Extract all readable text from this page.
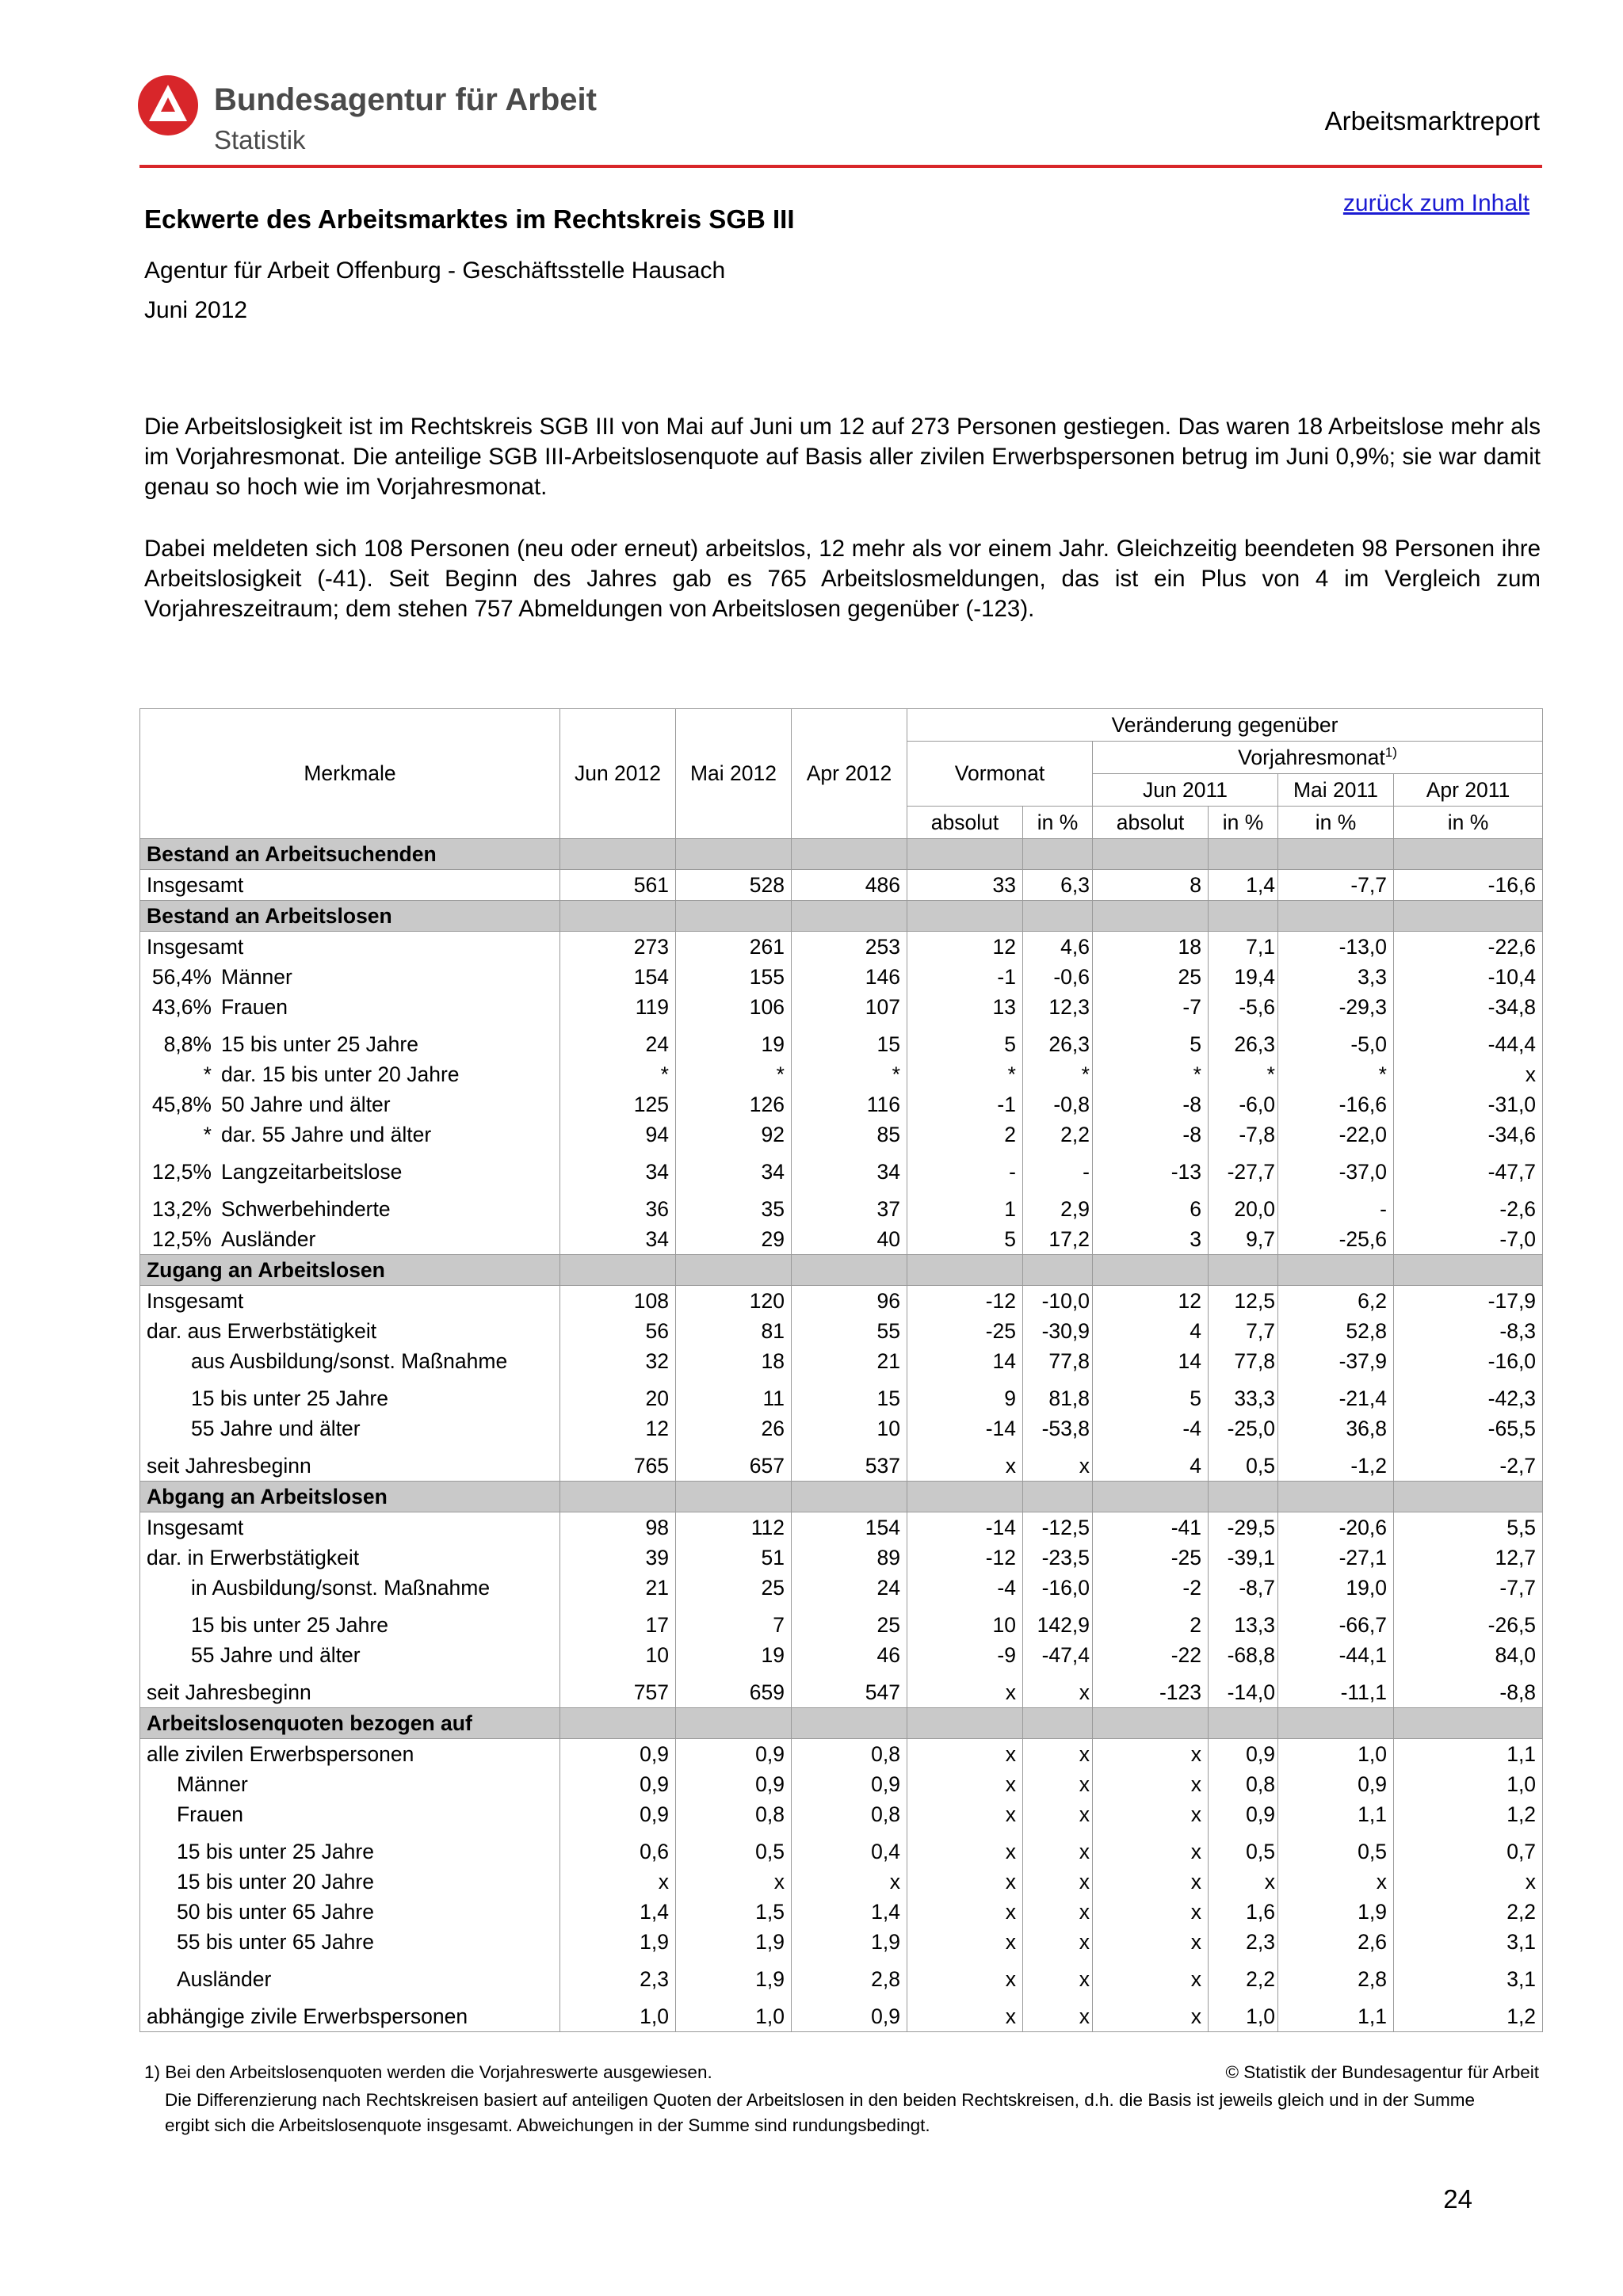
Bundesagentur für Arbeit
Statistik
Arbeitsmarktreport
zurück zum Inhalt
Eckwerte des Arbeitsmarktes im Rechtskreis SGB III
Agentur für Arbeit Offenburg - Geschäftsstelle Hausach
Juni 2012

Die Arbeitslosigkeit ist im Rechtskreis SGB III von Mai auf Juni um 12 auf 273 Personen gestiegen. Das waren 18 Arbeitslose mehr als im Vorjahresmonat. Die anteilige SGB III-Arbeitslosenquote auf Basis aller zivilen Erwerbspersonen betrug im Juni 0,9%; sie war damit genau so hoch wie im Vorjahresmonat.

Dabei meldeten sich 108 Personen (neu oder erneut) arbeitslos, 12 mehr als vor einem Jahr. Gleichzeitig beendeten 98 Personen ihre Arbeitslosigkeit (-41). Seit Beginn des Jahres gab es 765 Arbeitslosmeldungen, das ist ein Plus von 4 im Vergleich zum Vorjahreszeitraum; dem stehen 757 Abmeldungen von Arbeitslosen gegenüber (-123).

Merkmale	Jun 2012	Mai 2012	Apr 2012	Veränderung gegenüber					
				Vormonat		Vorjahresmonat$^{1)}$
						Jun 2011		Mai 2011	Apr 2011
				absolut	in %	absolut	in %	in %	in %
Bestand an Arbeitsuchenden									

Insgesamt	561	528	486	33	6,3	8	1,4	-7,7	-16,6
Bestand an Arbeitslosen									

Insgesamt	273	261	253	12	4,6	18	7,1	-13,0	-22,6

56,4% Männer	154	155	146	-1	-0,6	25	19,4	3,3	-10,4

43,6% Frauen	119	106	107	13	12,3	-7	-5,6	-29,3	-34,8

8,8% 15 bis unter 25 Jahre	24	19	15	5	26,3	5	26,3	-5,0	-44,4

* dar. 15 bis unter 20 Jahre	*	*	*	*	*	*	*	*	x

45,8% 50 Jahre und älter	125	126	116	-1	-0,8	-8	-6,0	-16,6	-31,0

* dar. 55 Jahre und älter	94	92	85	2	2,2	-8	-7,8	-22,0	-34,6

12,5% Langzeitarbeitslose	34	34	34	-	-	-13	-27,7	-37,0	-47,7

13,2% Schwerbehinderte	36	35	37	1	2,9	6	20,0	-	-2,6

12,5% Ausländer	34	29	40	5	17,2	3	9,7	-25,6	-7,0
Zugang an Arbeitslosen									

Insgesamt	108	120	96	-12	-10,0	12	12,5	6,2	-17,9

dar. aus Erwerbstätigkeit	56	81	55	-25	-30,9	4	7,7	52,8	-8,3

aus Ausbildung/sonst. Maßnahme	32	18	21	14	77,8	14	77,8	-37,9	-16,0

15 bis unter 25 Jahre	20	11	15	9	81,8	5	33,3	-21,4	-42,3

55 Jahre und älter	12	26	10	-14	-53,8	-4	-25,0	36,8	-65,5

seit Jahresbeginn	765	657	537	x	x	4	0,5	-1,2	-2,7
Abgang an Arbeitslosen									

Insgesamt	98	112	154	-14	-12,5	-41	-29,5	-20,6	5,5

dar. in Erwerbstätigkeit	39	51	89	-12	-23,5	-25	-39,1	-27,1	12,7

in Ausbildung/sonst. Maßnahme	21	25	24	-4	-16,0	-2	-8,7	19,0	-7,7

15 bis unter 25 Jahre	17	7	25	10	142,9	2	13,3	-66,7	-26,5

55 Jahre und älter	10	19	46	-9	-47,4	-22	-68,8	-44,1	84,0

seit Jahresbeginn	757	659	547	x	x	-123	-14,0	-11,1	-8,8
Arbeitslosenquoten bezogen auf									

alle zivilen Erwerbspersonen	0,9	0,9	0,8	x	x	x	0,9	1,0	1,1

Männer	0,9	0,9	0,9	x	x	x	0,8	0,9	1,0

Frauen	0,9	0,8	0,8	x	x	x	0,9	1,1	1,2

15 bis unter 25 Jahre	0,6	0,5	0,4	x	x	x	0,5	0,5	0,7

15 bis unter 20 Jahre	x	x	x	x	x	x	x	x	x

50 bis unter 65 Jahre	1,4	1,5	1,4	x	x	x	1,6	1,9	2,2

55 bis unter 65 Jahre	1,9	1,9	1,9	x	x	x	2,3	2,6	3,1

Ausländer	2,3	1,9	2,8	x	x	x	2,2	2,8	3,1

abhängige zivile Erwerbspersonen	1,0	1,0	0,9	x	x	x	1,0	1,1	1,2
1) Bei den Arbeitslosenquoten werden die Vorjahreswerte ausgewiesen.	© Statistik der Bundesagentur für Arbeit

Die Differenzierung nach Rechtskreisen basiert auf anteiligen Quoten der Arbeitslosen in den beiden Rechtskreisen, d.h. die Basis ist jeweils gleich und in der Summe ergibt sich die Arbeitslosenquote insgesamt. Abweichungen in der Summe sind rundungsbedingt.

24
